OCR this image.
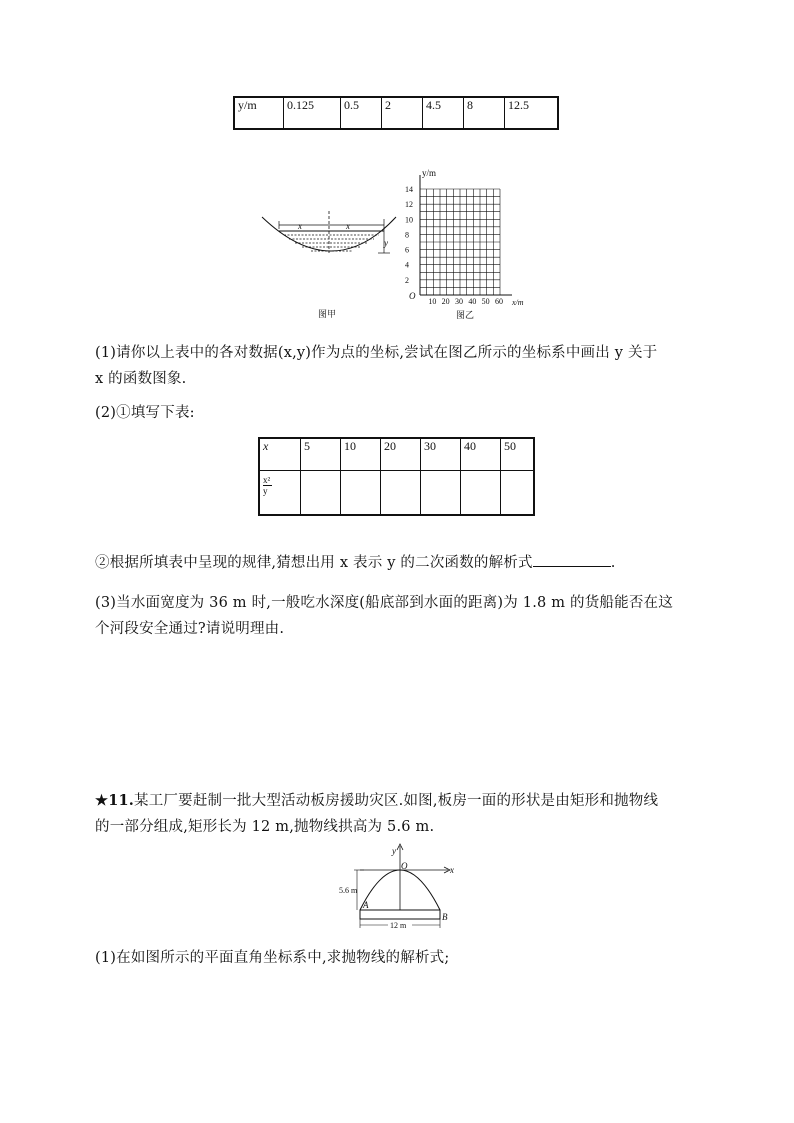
y/m	0.125	0.5	2	4.5	8	12.5
x	x
y
图甲
y/m
14
12
10
8
6
4
2
10 20 30 40 50 60
O
x/m
图乙
(1)请你以上表中的各对数据(x,y)作为点的坐标,尝试在图乙所示的坐标系中画出 y 关于
x 的函数图象.
(2)①填写下表:
x	5	10	20	30	40	50

x²
y						

②根据所填表中呈现的规律,猜想出用 x 表示 y 的二次函数的解析式	.
(3)当水面宽度为 36 m 时,一般吃水深度(船底部到水面的距离)为 1.8 m 的货船能否在这
个河段安全通过?请说明理由.
★11.某工厂要赶制一批大型活动板房援助灾区.如图,板房一面的形状是由矩形和抛物线
的一部分组成,矩形长为 12 m,抛物线拱高为 5.6 m.
y
x
O
5.6 m
A
B
12 m
(1)在如图所示的平面直角坐标系中,求抛物线的解析式;
